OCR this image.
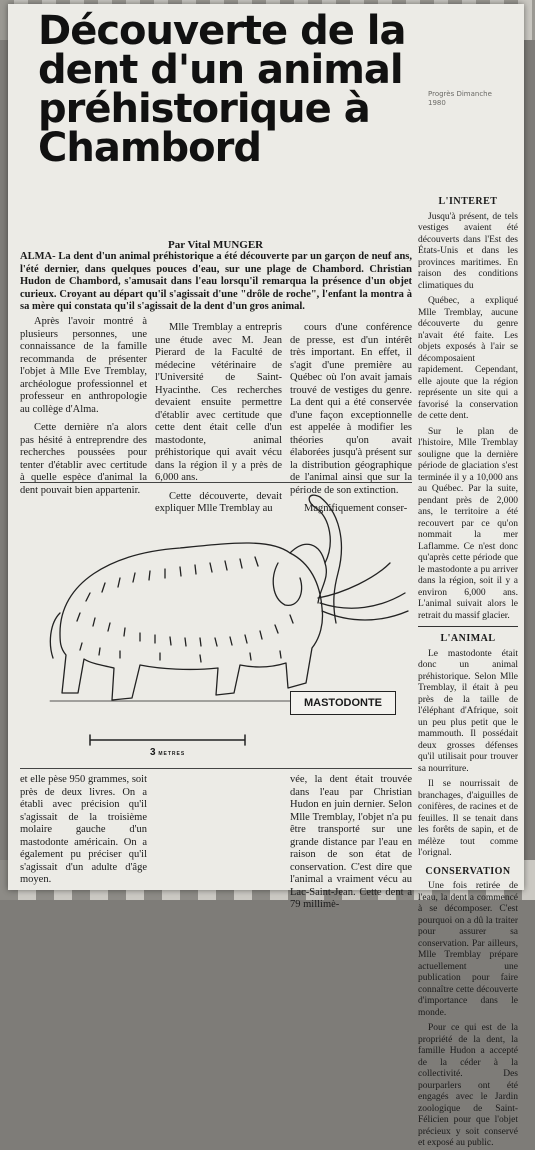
Découverte de la dent d'un animal préhistorique à Chambord
Progrès Dimanche 1980
Par Vital MUNGER

ALMA- La dent d'un animal préhistorique a été découverte par un garçon de neuf ans, l'été dernier, dans quelques pouces d'eau, sur une plage de Chambord. Christian Hudon de Chambord, s'amusait dans l'eau lorsqu'il remarqua la présence d'un objet curieux. Croyant au départ qu'il s'agissait d'une "drôle de roche", l'enfant la montra à sa mère qui constata qu'il s'agissait de la dent d'un gros animal.

Après l'avoir montré à plusieurs personnes, une connaissance de la famille recommanda de présenter l'objet à Mlle Eve Tremblay, archéologue professionnel et professeur en anthropologie au collège d'Alma.

Cette dernière n'a alors pas hésité à entreprendre des recherches poussées pour tenter d'établir avec certitude à quelle espèce d'animal la dent pouvait bien appartenir.

Mlle Tremblay a entrepris une étude avec M. Jean Pierard de la Faculté de médecine vétérinaire de l'Université de Saint-Hyacinthe. Ces recherches devaient ensuite permettre d'établir avec certitude que cette dent était celle d'un mastodonte, animal préhistorique qui avait vécu dans la région il y a près de 6,000 ans.

Cette découverte, devait expliquer Mlle Tremblay au

cours d'une conférence de presse, est d'un intérêt très important. En effet, il s'agit d'une première au Québec où l'on avait jamais trouvé de vestiges du genre. La dent qui a été conservée d'une façon exceptionnelle est appelée à modifier les théories qu'on avait élaborées jusqu'à présent sur la distribution géographique de l'animal ainsi que sur la période de son extinction.

Magnifiquement conser-

MASTODONTE
3 METRES

et elle pèse 950 grammes, soit près de deux livres. On a établi avec précision qu'il s'agissait de la troisième molaire gauche d'un mastodonte américain. On a également pu préciser qu'il s'agissait d'un adulte d'âge moyen.

vée, la dent était trouvée dans l'eau par Christian Hudon en juin dernier. Selon Mlle Tremblay, l'objet n'a pu être transporté sur une grande distance par l'eau en raison de son état de conservation. C'est dire que l'animal a vraiment vécu au Lac-Saint-Jean. Cette dent a 79 millimè-

L'INTERET

Jusqu'à présent, de tels vestiges avaient été découverts dans l'Est des États-Unis et dans les provinces maritimes. En raison des conditions climatiques du

Québec, a expliqué Mlle Tremblay, aucune découverte du genre n'avait été faite. Les objets exposés à l'air se décomposaient rapidement. Cependant, elle ajoute que la région représente un site qui a favorisé la conservation de cette dent.

Sur le plan de l'histoire, Mlle Tremblay souligne que la dernière période de glaciation s'est terminée il y a 10,000 ans au Québec. Par la suite, pendant près de 2,000 ans, le territoire a été recouvert par ce qu'on nommait la mer Laflamme. Ce n'est donc qu'après cette période que le mastodonte a pu arriver dans la région, soit il y a environ 6,000 ans. L'animal suivait alors le retrait du massif glacier.

L'ANIMAL

Le mastodonte était donc un animal préhistorique. Selon Mlle Tremblay, il était à peu près de la taille de l'éléphant d'Afrique, soit un peu plus petit que le mammouth. Il possédait deux grosses défenses qu'il utilisait pour trouver sa nourriture.

Il se nourrissait de branchages, d'aiguilles de conifères, de racines et de feuilles. Il se tenait dans les forêts de sapin, et de mélèze tout comme l'orignal.

CONSERVATION

Une fois retirée de l'eau, la dent a commencé à se décomposer. C'est pourquoi on a dû la traiter pour assurer sa conservation. Par ailleurs, Mlle Tremblay prépare actuellement une publication pour faire connaître cette découverte d'importance dans le monde.

Pour ce qui est de la propriété de la dent, la famille Hudon a accepté de la céder à la collectivité. Des pourparlers ont été engagés avec le Jardin zoologique de Saint-Félicien pour que l'objet précieux y soit conservé et exposé au public.
